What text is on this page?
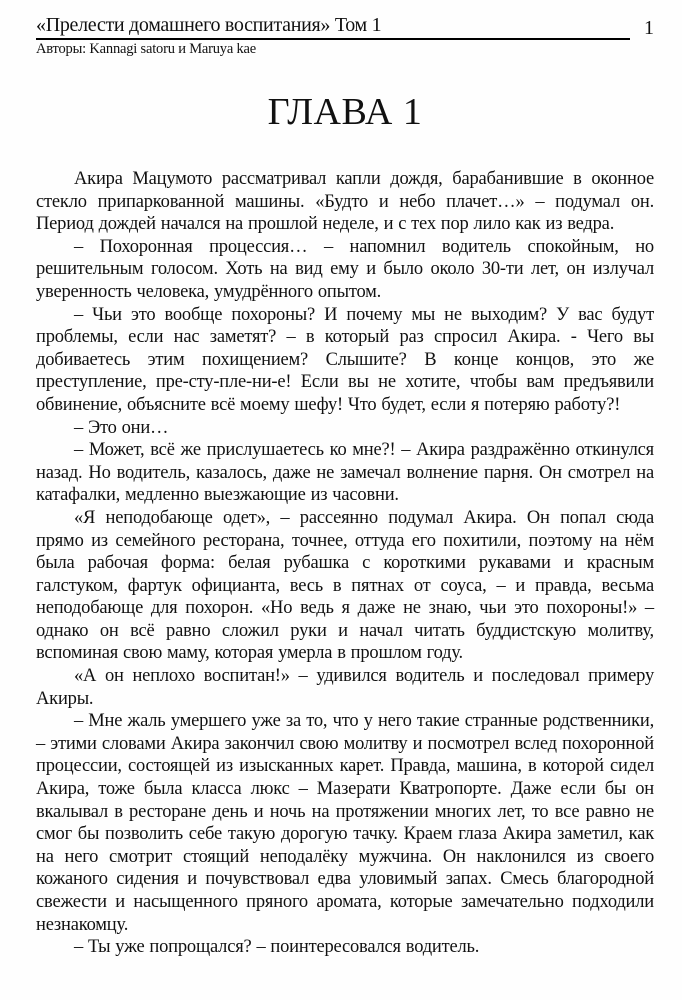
«Прелести домашнего воспитания» Том 1	1
Авторы: Kannagi satoru и Maruya kae
ГЛАВА 1

Акира Мацумото рассматривал капли дождя, барабанившие в оконное стекло припаркованной машины. «Будто и небо плачет…» – подумал он. Период дождей начался на прошлой неделе, и с тех пор лило как из ведра.

– Похоронная процессия… – напомнил водитель спокойным, но решительным голосом. Хоть на вид ему и было около 30-ти лет, он излучал уверенность человека, умудрённого опытом.

– Чьи это вообще похороны? И почему мы не выходим? У вас будут проблемы, если нас заметят? – в который раз спросил Акира. - Чего вы добиваетесь этим похищением? Слышите? В конце концов, это же преступление, пре-сту-пле-ни-е! Если вы не хотите, чтобы вам предъявили обвинение, объясните всё моему шефу! Что будет, если я потеряю работу?!

– Это они…

– Может, всё же прислушаетесь ко мне?! – Акира раздражённо откинулся назад. Но водитель, казалось, даже не замечал волнение парня. Он смотрел на катафалки, медленно выезжающие из часовни.

«Я неподобающе одет», – рассеянно подумал Акира. Он попал сюда прямо из семейного ресторана, точнее, оттуда его похитили, поэтому на нём была рабочая форма: белая рубашка с короткими рукавами и красным галстуком, фартук официанта, весь в пятнах от соуса, – и правда, весьма неподобающе для похорон. «Но ведь я даже не знаю, чьи это похороны!» – однако он всё равно сложил руки и начал читать буддистскую молитву, вспоминая свою маму, которая умерла в прошлом году.

«А он неплохо воспитан!» – удивился водитель и последовал примеру Акиры.

– Мне жаль умершего уже за то, что у него такие странные родственники, – этими словами Акира закончил свою молитву и посмотрел вслед похоронной процессии, состоящей из изысканных карет. Правда, машина, в которой сидел Акира, тоже была класса люкс – Мазерати Кватропорте. Даже если бы он вкалывал в ресторане день и ночь на протяжении многих лет, то все равно не смог бы позволить себе такую дорогую тачку. Краем глаза Акира заметил, как на него смотрит стоящий неподалёку мужчина. Он наклонился из своего кожаного сидения и почувствовал едва уловимый запах. Смесь благородной свежести и насыщенного пряного аромата, которые замечательно подходили незнакомцу.

– Ты уже попрощался? – поинтересовался водитель.
